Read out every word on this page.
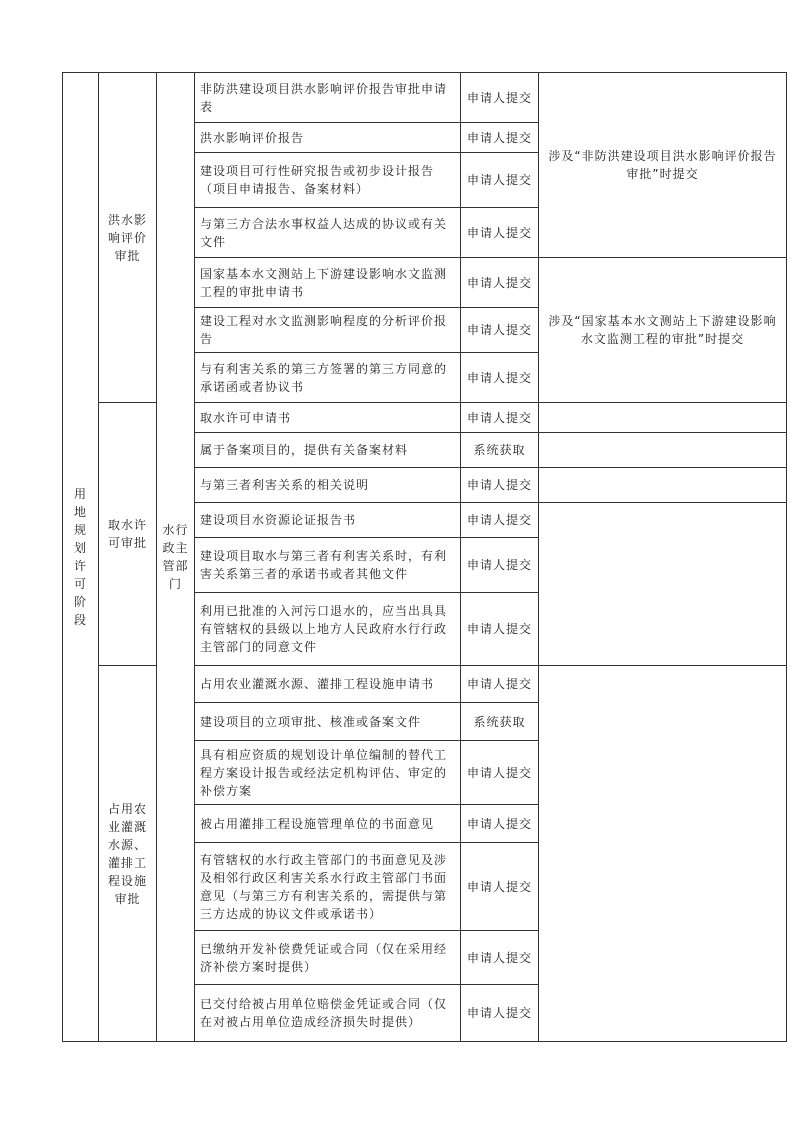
用地规划许可阶段	洪水影响评价审批	水行政主管部门	非防洪建设项目洪水影响评价报告审批申请表	申请人提交	涉及“非防洪建设项目洪水影响评价报告审批”时提交
			洪水影响评价报告	申请人提交	
			建设项目可行性研究报告或初步设计报告（项目申请报告、备案材料）	申请人提交	
			与第三方合法水事权益人达成的协议或有关文件	申请人提交	
			国家基本水文测站上下游建设影响水文监测工程的审批申请书	申请人提交	涉及“国家基本水文测站上下游建设影响水文监测工程的审批”时提交
			建设工程对水文监测影响程度的分析评价报告	申请人提交	
			与有利害关系的第三方签署的第三方同意的承诺函或者协议书	申请人提交	
	取水许可审批		取水许可申请书	申请人提交	
			属于备案项目的，提供有关备案材料	系统获取	
			与第三者利害关系的相关说明	申请人提交	
			建设项目水资源论证报告书	申请人提交	
			建设项目取水与第三者有利害关系时，有利害关系第三者的承诺书或者其他文件	申请人提交	
			利用已批准的入河污口退水的，应当出具具有管辖权的县级以上地方人民政府水行行政主管部门的同意文件	申请人提交	
	占用农业灌溉水源、灌排工程设施审批		占用农业灌溉水源、灌排工程设施申请书	申请人提交	
			建设项目的立项审批、核准或备案文件	系统获取	
			具有相应资质的规划设计单位编制的替代工程方案设计报告或经法定机构评估、审定的补偿方案	申请人提交	
			被占用灌排工程设施管理单位的书面意见	申请人提交	
			有管辖权的水行政主管部门的书面意见及涉及相邻行政区利害关系水行政主管部门书面意见（与第三方有利害关系的，需提供与第三方达成的协议文件或承诺书）	申请人提交	
			已缴纳开发补偿费凭证或合同（仅在采用经济补偿方案时提供）	申请人提交	
			已交付给被占用单位赔偿金凭证或合同（仅在对被占用单位造成经济损失时提供）	申请人提交	
